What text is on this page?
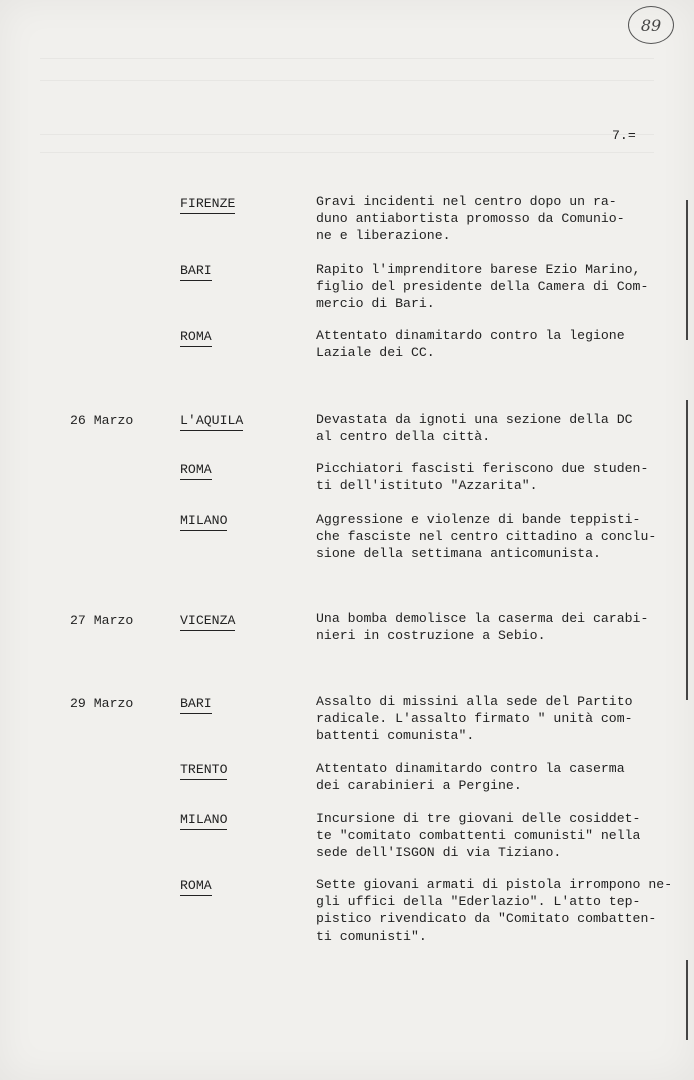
89
7.=
FIRENZE	Gravi incidenti nel centro dopo un ra-
duno antiabortista promosso da Comunio-
ne e liberazione.
BARI	Rapito l'imprenditore barese Ezio Marino,
figlio del presidente della Camera di Com-
mercio di Bari.
ROMA	Attentato dinamitardo contro la legione
Laziale dei CC.
26 Marzo	L'AQUILA	Devastata da ignoti una sezione della DC
al centro della città.
ROMA	Picchiatori fascisti feriscono due studen-
ti dell'istituto "Azzarita".
MILANO	Aggressione e violenze di bande teppisti-
che fasciste nel centro cittadino a conclu-
sione della settimana anticomunista.
27 Marzo	VICENZA	Una bomba demolisce la caserma dei carabi-
nieri in costruzione a Sebio.
29 Marzo	BARI	Assalto di missini alla sede del Partito
radicale. L'assalto firmato " unità com-
battenti comunista".
TRENTO	Attentato dinamitardo contro la caserma
dei carabinieri a Pergine.
MILANO	Incursione di tre giovani delle cosiddet-
te "comitato combattenti comunisti" nella
sede dell'ISGON di via Tiziano.
ROMA	Sette giovani armati di pistola irrompono ne-
gli uffici della "Ederlazio". L'atto tep-
pistico rivendicato da "Comitato combatten-
ti comunisti".
